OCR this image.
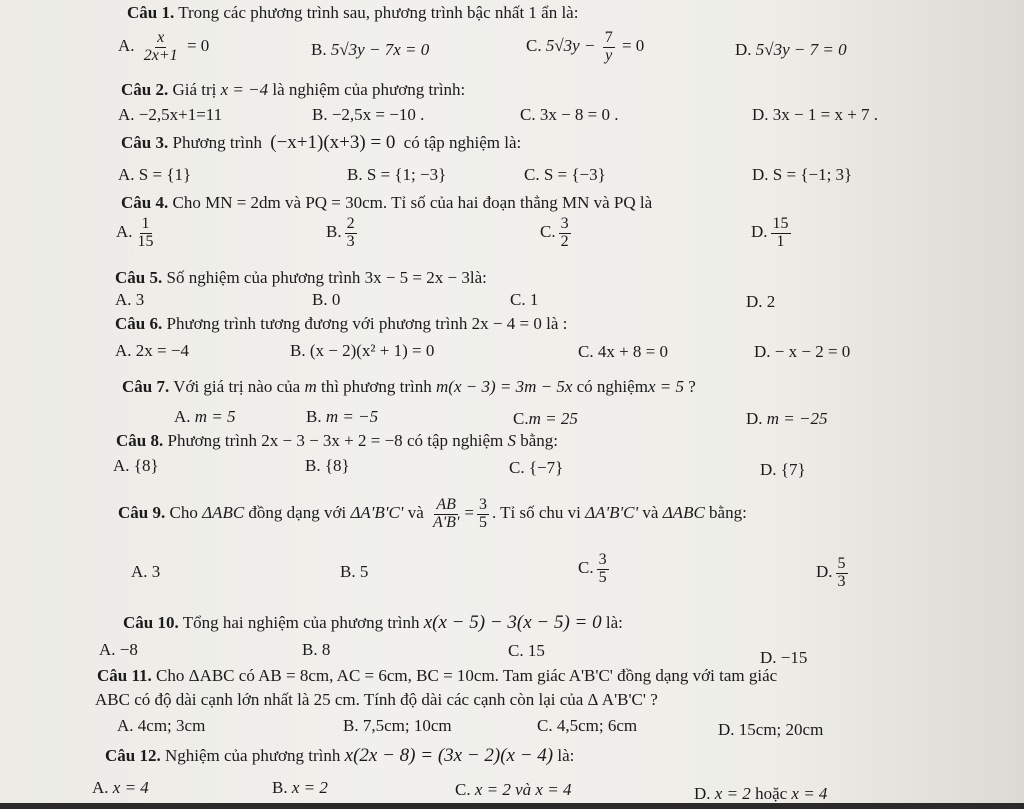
Câu 1. Trong các phương trình sau, phương trình bậc nhất 1 ẩn là:
A. $\frac{x}{2x+1} = 0$	B. 5√3y − 7x = 0	C. $5√3y - \frac{7}{y} = 0$	D. 5√3y − 7 = 0
Câu 2. Giá trị x = −4 là nghiệm của phương trình:
A. −2,5x+1=11	B. −2,5x = −10 .	C. 3x − 8 = 0 .	D. 3x − 1 = x + 7 .
Câu 3. Phương trình (−x+1)(x+3) = 0 có tập nghiệm là:
A. S = {1}	B. S = {1; −3}	C. S = {−3}	D. S = {−1; 3}
Câu 4. Cho MN = 2dm và PQ = 30cm. Tỉ số của hai đoạn thẳng MN và PQ là
A. $\frac{1}{15}$	B. $\frac{2}{3}$	C. $\frac{3}{2}$	D. $\frac{15}{1}$
Câu 5. Số nghiệm của phương trình 3x − 5 = 2x − 3là:
A. 3	B. 0	C. 1	D. 2
Câu 6. Phương trình tương đương với phương trình 2x − 4 = 0 là :
A. 2x = −4	B. (x − 2)(x² + 1) = 0	C. 4x + 8 = 0	D. − x − 2 = 0
Câu 7. Với giá trị nào của m thì phương trình m(x − 3) = 3m − 5x có nghiệmx = 5 ?
A. m = 5	B. m = −5	C.m = 25	D. m = −25
Câu 8. Phương trình 2x − 3 − 3x + 2 = −8 có tập nghiệm S bằng:
A. {8}	B. {8}	C. {−7}	D. {7}
Câu 9. Cho ΔABC đồng dạng với ΔA'B'C' và $\frac{AB}{A'B'} = \frac{3}{5}$ . Tỉ số chu vi ΔA'B'C' và ΔABC bằng:
A. 3	B. 5	C. $\frac{3}{5}$	D. $\frac{5}{3}$
Câu 10. Tổng hai nghiệm của phương trình x(x − 5) − 3(x − 5) = 0 là:
A. −8	B. 8	C. 15	D. −15
Câu 11. Cho ΔABC có AB = 8cm, AC = 6cm, BC = 10cm. Tam giác A'B'C' đồng dạng với tam giác
ABC có độ dài cạnh lớn nhất là 25 cm. Tính độ dài các cạnh còn lại của Δ A'B'C' ?
A. 4cm; 3cm	B. 7,5cm; 10cm	C. 4,5cm; 6cm	D. 15cm; 20cm
Câu 12. Nghiệm của phương trình x(2x − 8) = (3x − 2)(x − 4) là:
A. x = 4	B. x = 2	C. x = 2 và x = 4	D. x = 2 hoặc x = 4
